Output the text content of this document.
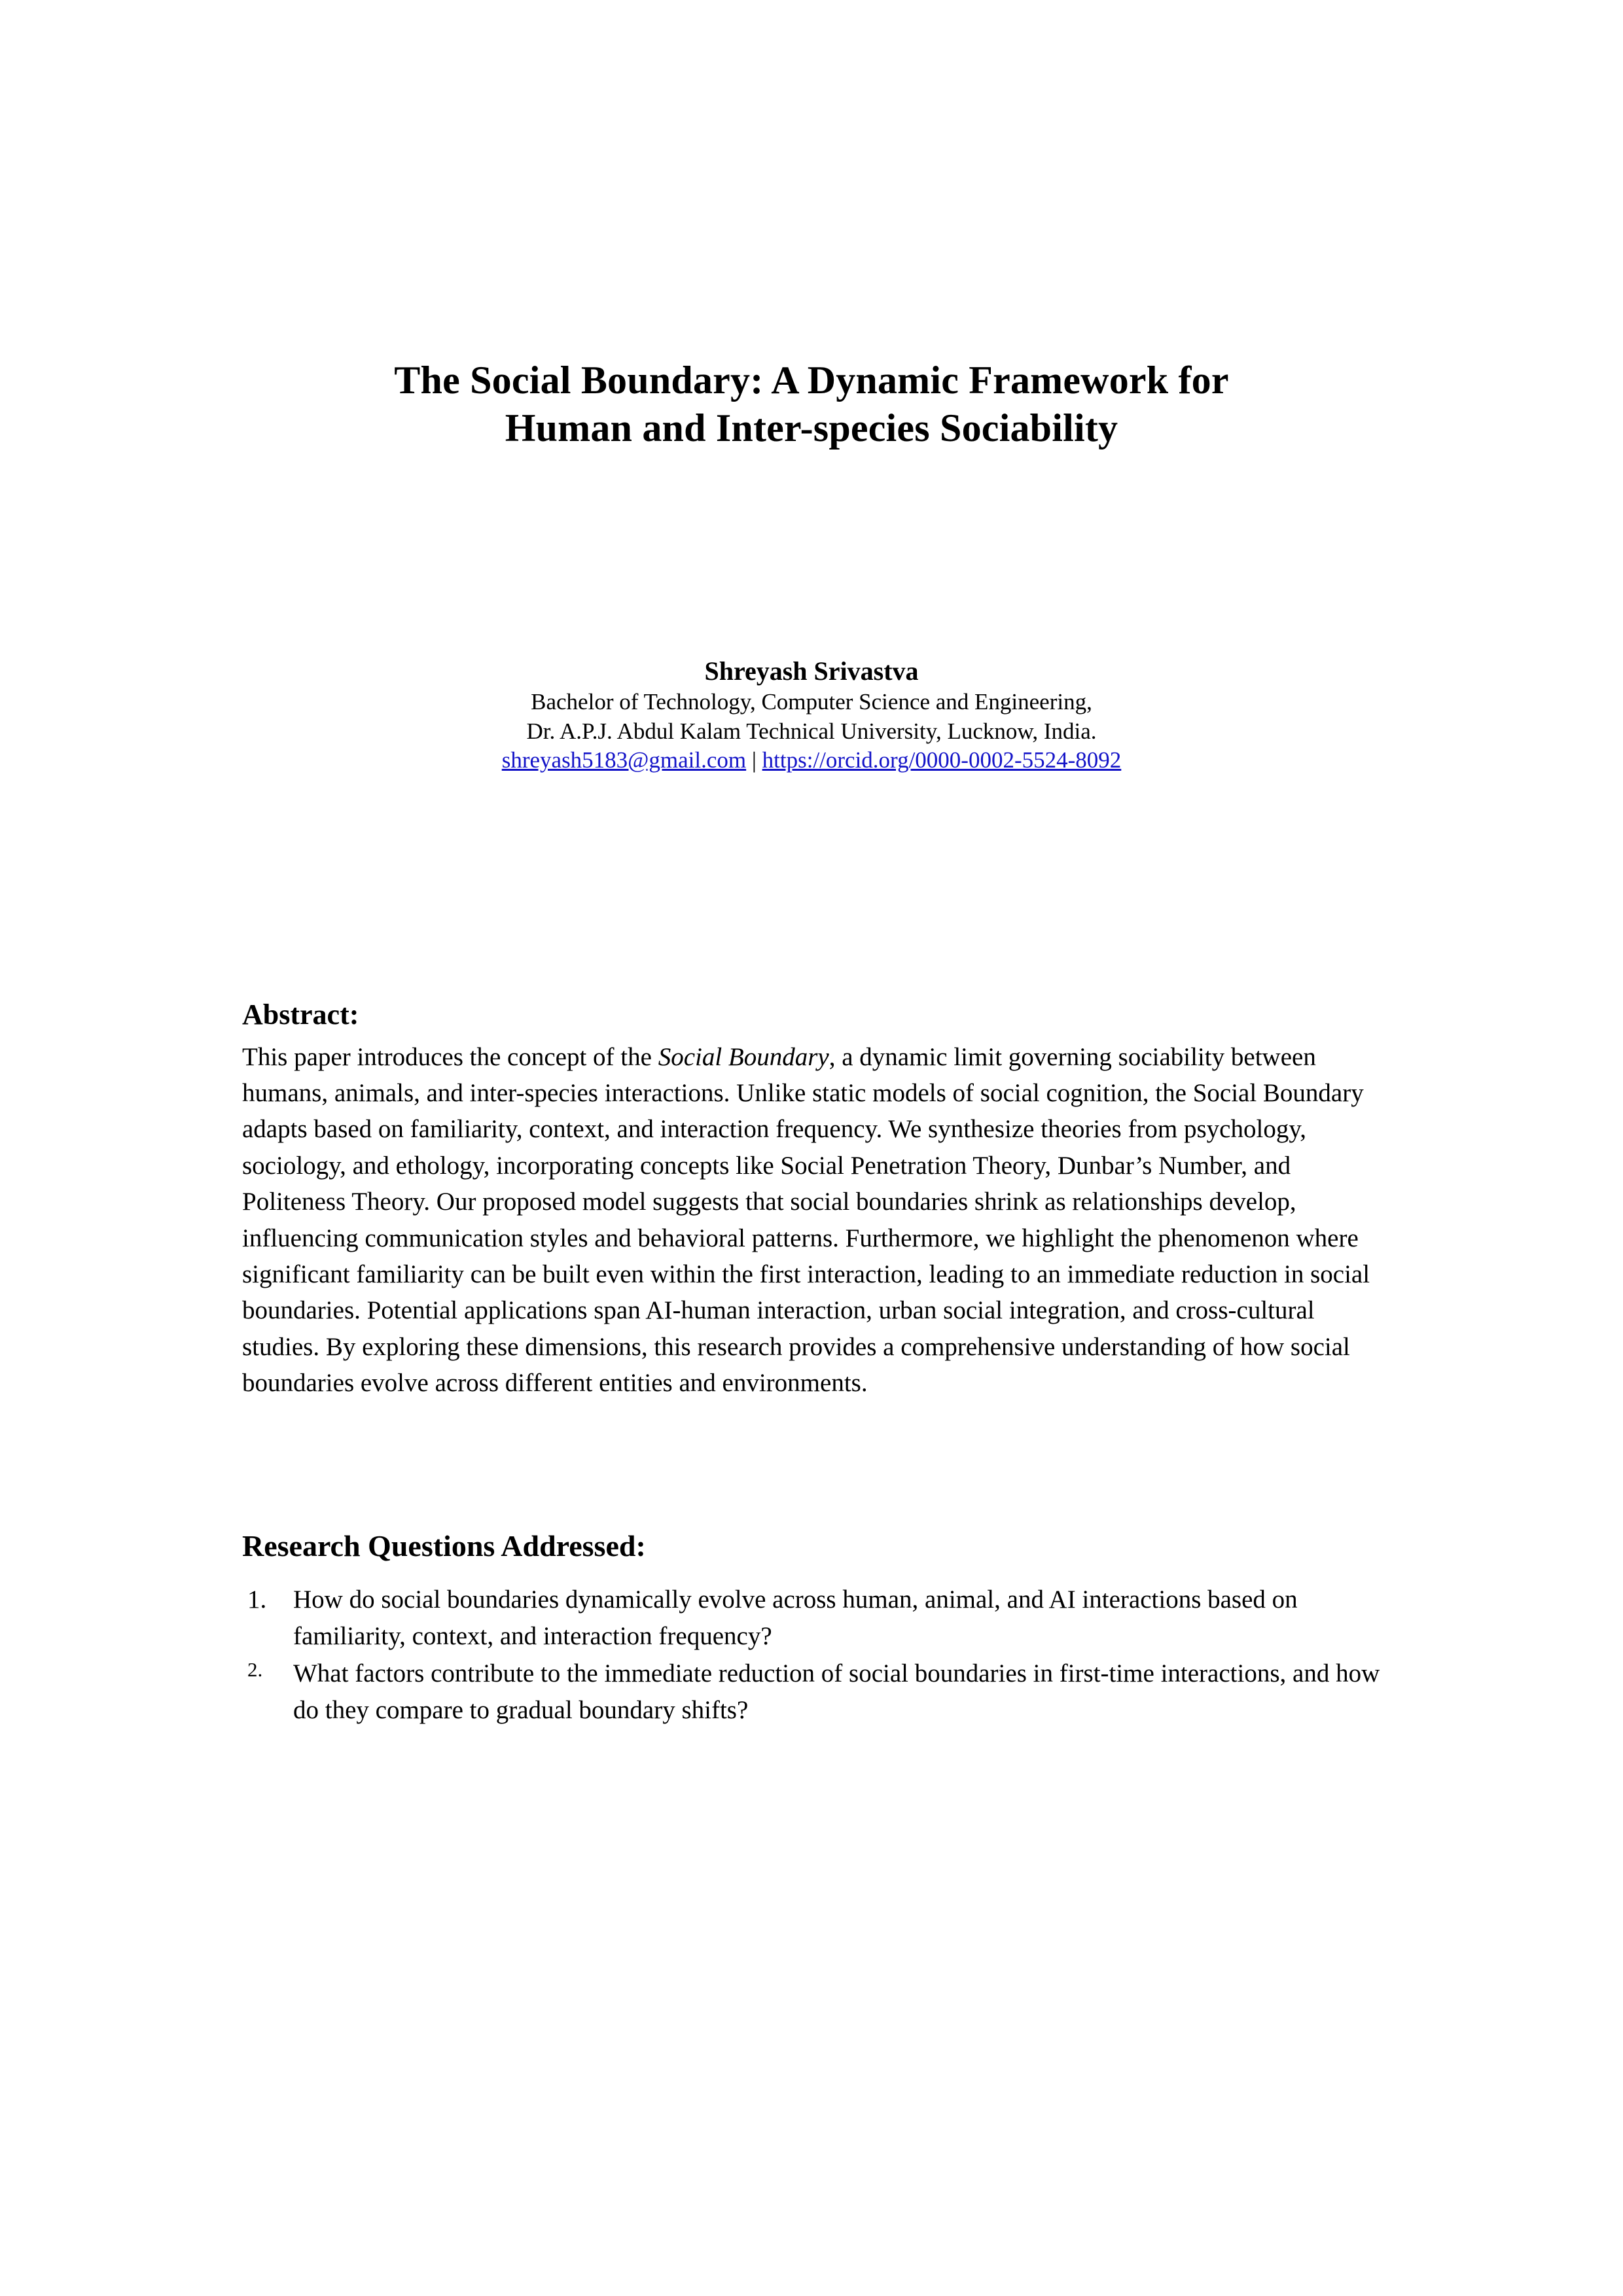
The Social Boundary: A Dynamic Framework for
Human and Inter-species Sociability
Shreyash Srivastva
Bachelor of Technology, Computer Science and Engineering,
Dr. A.P.J. Abdul Kalam Technical University, Lucknow, India.
shreyash5183@gmail.com | https://orcid.org/0000-0002-5524-8092
Abstract:
This paper introduces the concept of the Social Boundary, a dynamic limit governing sociability between humans, animals, and inter-species interactions. Unlike static models of social cognition, the Social Boundary adapts based on familiarity, context, and interaction frequency. We synthesize theories from psychology, sociology, and ethology, incorporating concepts like Social Penetration Theory, Dunbar’s Number, and Politeness Theory. Our proposed model suggests that social boundaries shrink as relationships develop, influencing communication styles and behavioral patterns. Furthermore, we highlight the phenomenon where significant familiarity can be built even within the first interaction, leading to an immediate reduction in social boundaries. Potential applications span AI-human interaction, urban social integration, and cross-cultural studies. By exploring these dimensions, this research provides a comprehensive understanding of how social boundaries evolve across different entities and environments.
Research Questions Addressed:
1.	How do social boundaries dynamically evolve across human, animal, and AI interactions based on familiarity, context, and interaction frequency?
2.	What factors contribute to the immediate reduction of social boundaries in first-time interactions, and how do they compare to gradual boundary shifts?
